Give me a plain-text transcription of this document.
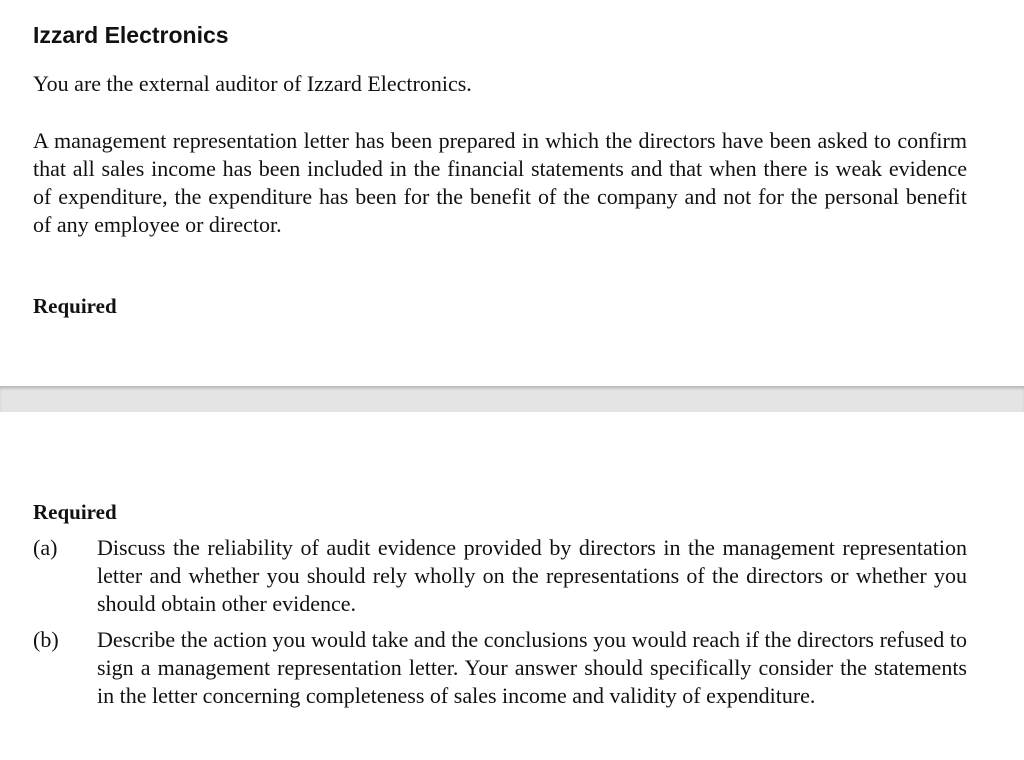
Izzard Electronics

You are the external auditor of Izzard Electronics.

A management representation letter has been prepared in which the directors have been asked to confirm that all sales income has been included in the financial statements and that when there is weak evidence of expenditure, the expenditure has been for the benefit of the company and not for the personal benefit of any employee or director.

Required

Required

(a) Discuss the reliability of audit evidence provided by directors in the management representation letter and whether you should rely wholly on the representations of the directors or whether you should obtain other evidence.
(b) Describe the action you would take and the conclusions you would reach if the directors refused to sign a management representation letter. Your answer should specifically consider the statements in the letter concerning completeness of sales income and validity of expenditure.
